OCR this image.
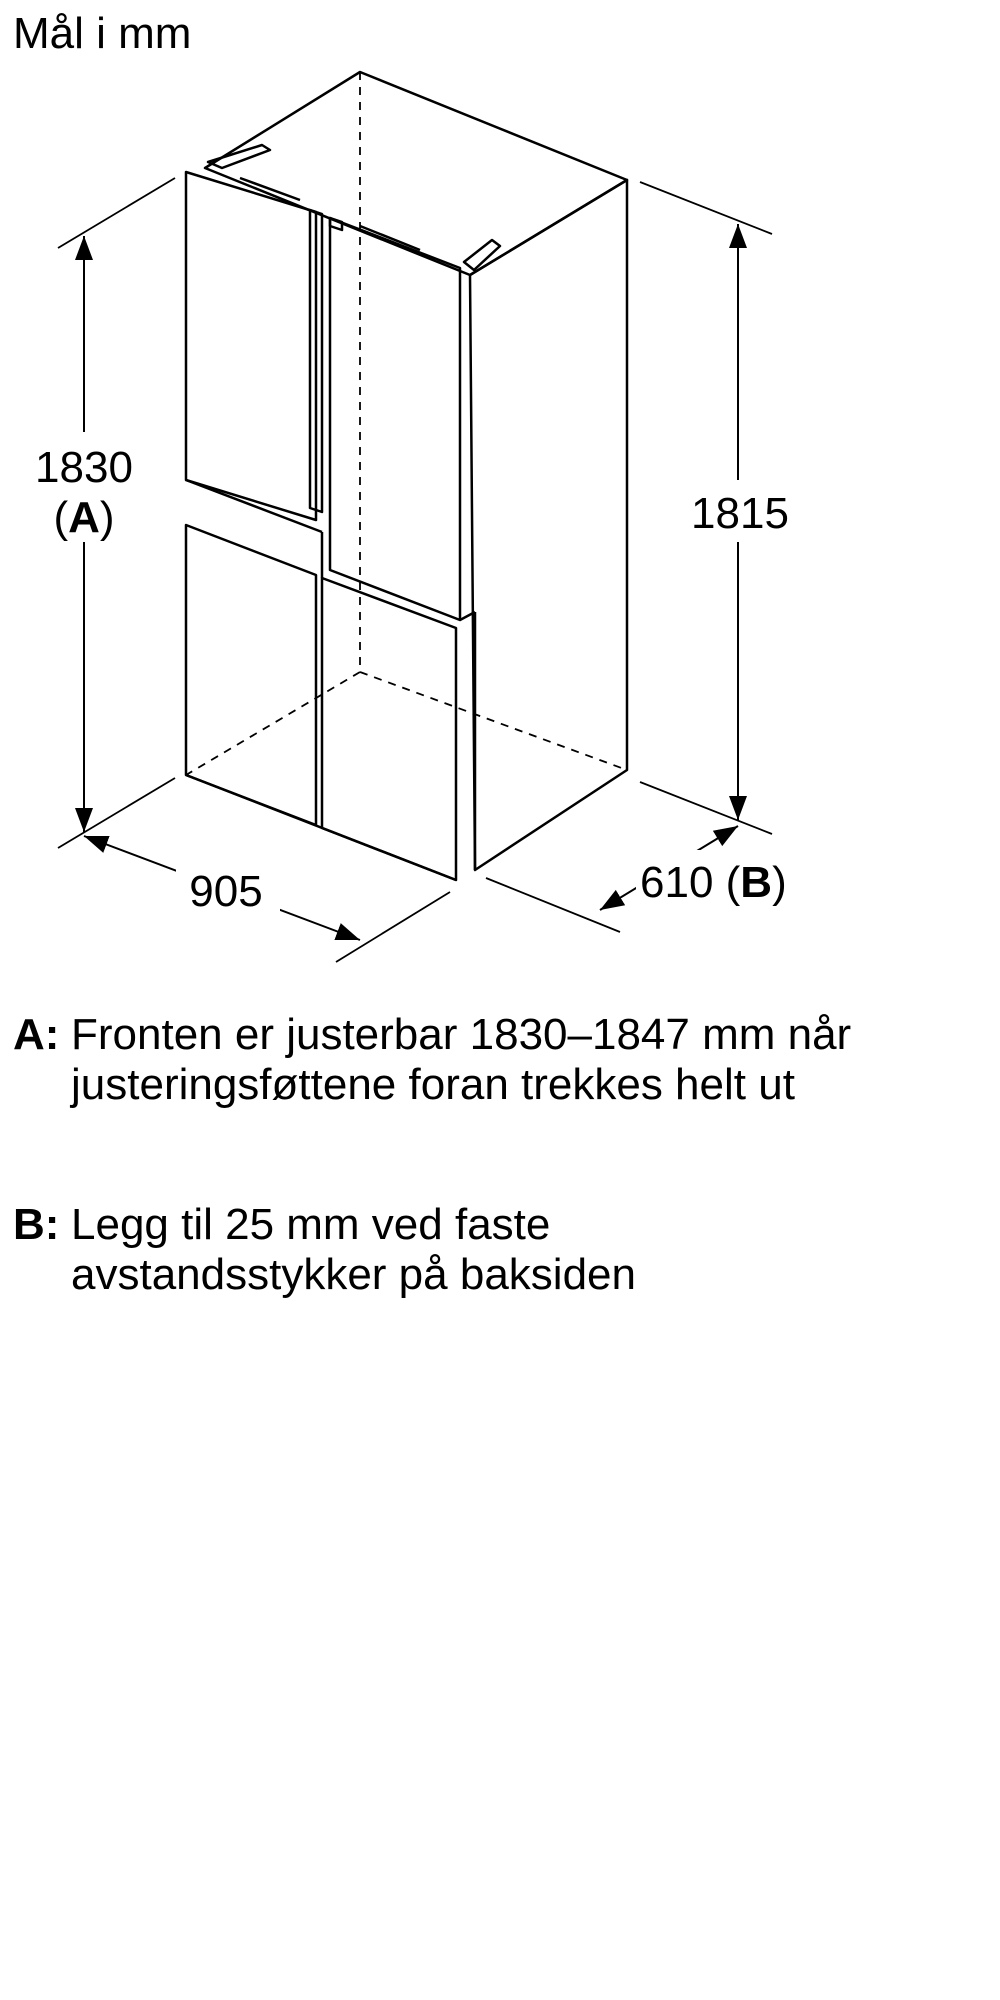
Mål i mm
1830
(A)	1815
905	610 (B)
A: Fronten er justerbar 1830–1847 mm når
justeringsføttene foran trekkes helt ut
B: Legg til 25 mm ved faste
avstandsstykker på baksiden
